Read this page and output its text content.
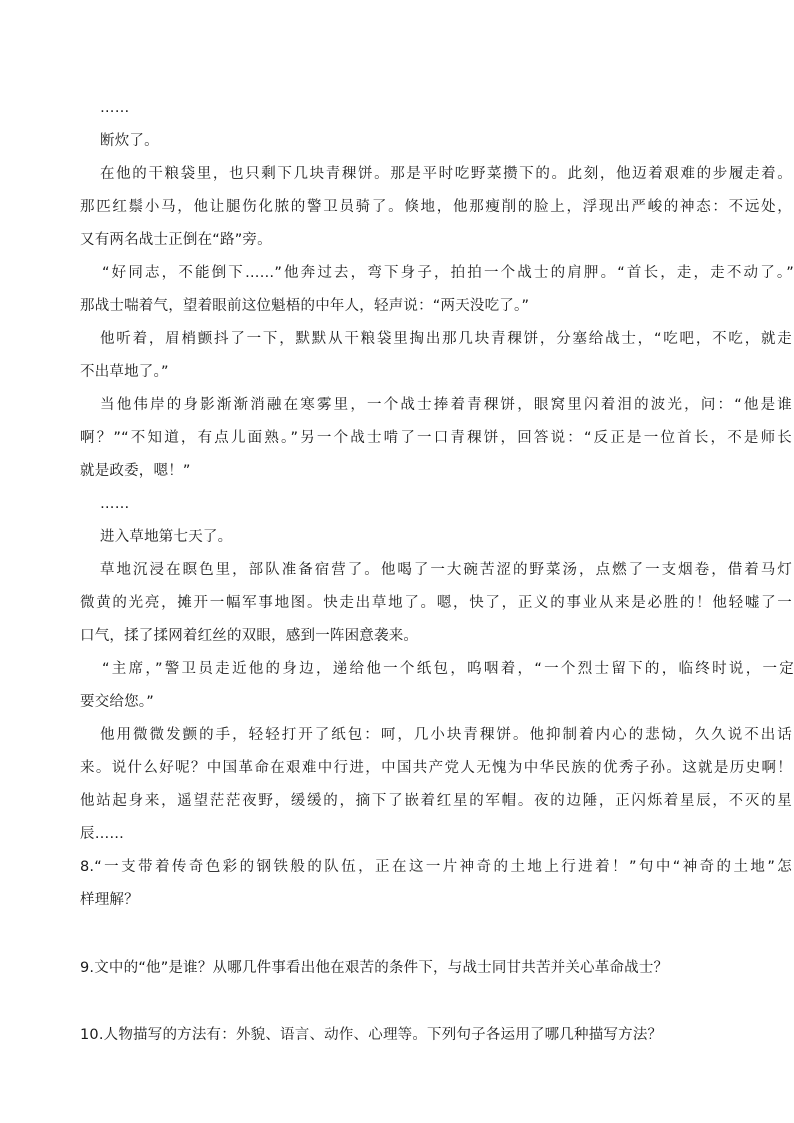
……
断炊了。
在他的干粮袋里，也只剩下几块青稞饼。那是平时吃野菜攒下的。此刻，他迈着艰难的步履走着。
那匹红鬃小马，他让腿伤化脓的警卫员骑了。倏地，他那瘦削的脸上，浮现出严峻的神态：不远处，
又有两名战士正倒在“路”旁。
“好同志，不能倒下……”他奔过去，弯下身子，拍拍一个战士的肩胛。“首长，走，走不动了。”
那战士喘着气，望着眼前这位魁梧的中年人，轻声说：“两天没吃了。”
他听着，眉梢颤抖了一下，默默从干粮袋里掏出那几块青稞饼，分塞给战士，“吃吧，不吃，就走
不出草地了。”
当他伟岸的身影渐渐消融在寒雾里，一个战士捧着青稞饼，眼窝里闪着泪的波光，问：“他是谁
啊？”“不知道，有点儿面熟。”另一个战士啃了一口青稞饼，回答说：“反正是一位首长，不是师长
就是政委，嗯！”
……
进入草地第七天了。
草地沉浸在瞑色里，部队准备宿营了。他喝了一大碗苦涩的野菜汤，点燃了一支烟卷，借着马灯
微黄的光亮，摊开一幅军事地图。快走出草地了。嗯，快了，正义的事业从来是必胜的！他轻嘘了一
口气，揉了揉网着红丝的双眼，感到一阵困意袭来。
“主席，”警卫员走近他的身边，递给他一个纸包，呜咽着，“一个烈士留下的，临终时说，一定
要交给您。”
他用微微发颤的手，轻轻打开了纸包：呵，几小块青稞饼。他抑制着内心的悲恸，久久说不出话
来。说什么好呢？中国革命在艰难中行进，中国共产党人无愧为中华民族的优秀子孙。这就是历史啊！
他站起身来，遥望茫茫夜野，缓缓的，摘下了嵌着红星的军帽。夜的边陲，正闪烁着星辰，不灭的星
辰……
8.“一支带着传奇色彩的钢铁般的队伍，正在这一片神奇的土地上行进着！”句中“神奇的土地”怎
样理解？
9.文中的“他”是谁？从哪几件事看出他在艰苦的条件下，与战士同甘共苦并关心革命战士？
10.人物描写的方法有：外貌、语言、动作、心理等。下列句子各运用了哪几种描写方法？
